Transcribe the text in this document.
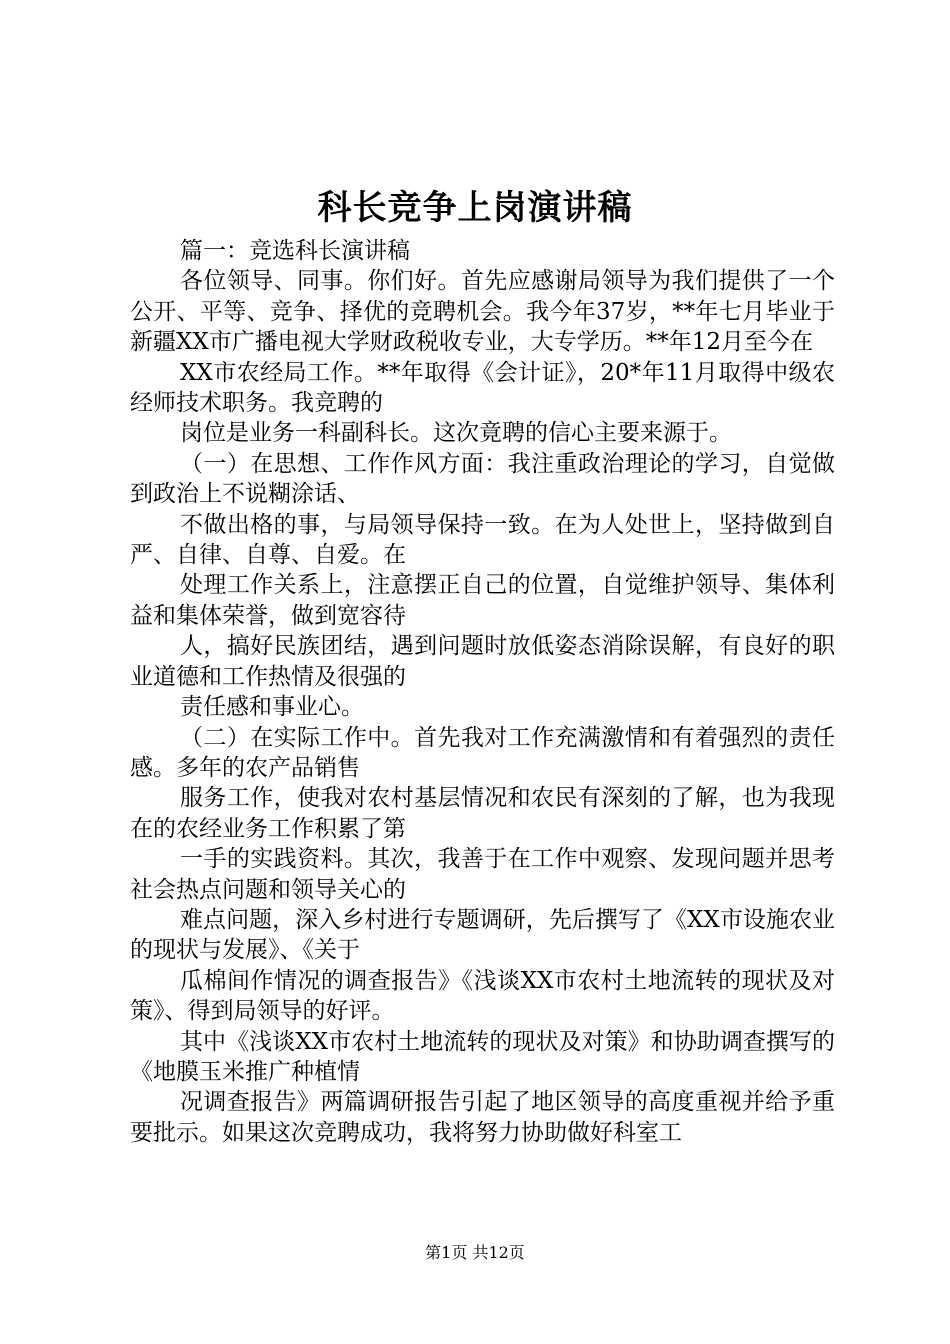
科长竞争上岗演讲稿

篇一：竞选科长演讲稿

各位领导、同事。你们好。首先应感谢局领导为我们提供了一个公开、平等、竞争、择优的竞聘机会。我今年37岁，**年七月毕业于新疆XX市广播电视大学财政税收专业，大专学历。**年12月至今在

XX市农经局工作。**年取得《会计证》，20*年11月取得中级农经师技术职务。我竞聘的

岗位是业务一科副科长。这次竟聘的信心主要来源于。

（一）在思想、工作作风方面：我注重政治理论的学习，自觉做到政治上不说糊涂话、

不做出格的事，与局领导保持一致。在为人处世上，坚持做到自严、自律、自尊、自爱。在

处理工作关系上，注意摆正自己的位置，自觉维护领导、集体利益和集体荣誉，做到宽容待

人，搞好民族团结，遇到问题时放低姿态消除误解，有良好的职业道德和工作热情及很强的

责任感和事业心。

（二）在实际工作中。首先我对工作充满激情和有着强烈的责任感。多年的农产品销售

服务工作，使我对农村基层情况和农民有深刻的了解，也为我现在的农经业务工作积累了第

一手的实践资料。其次，我善于在工作中观察、发现问题并思考社会热点问题和领导关心的

难点问题，深入乡村进行专题调研，先后撰写了《XX市设施农业的现状与发展》、《关于

瓜棉间作情况的调查报告》《浅谈XX市农村土地流转的现状及对策》、得到局领导的好评。

其中《浅谈XX市农村土地流转的现状及对策》和协助调查撰写的《地膜玉米推广种植情

况调查报告》两篇调研报告引起了地区领导的高度重视并给予重要批示。如果这次竞聘成功，我将努力协助做好科室工

第1页 共12页
